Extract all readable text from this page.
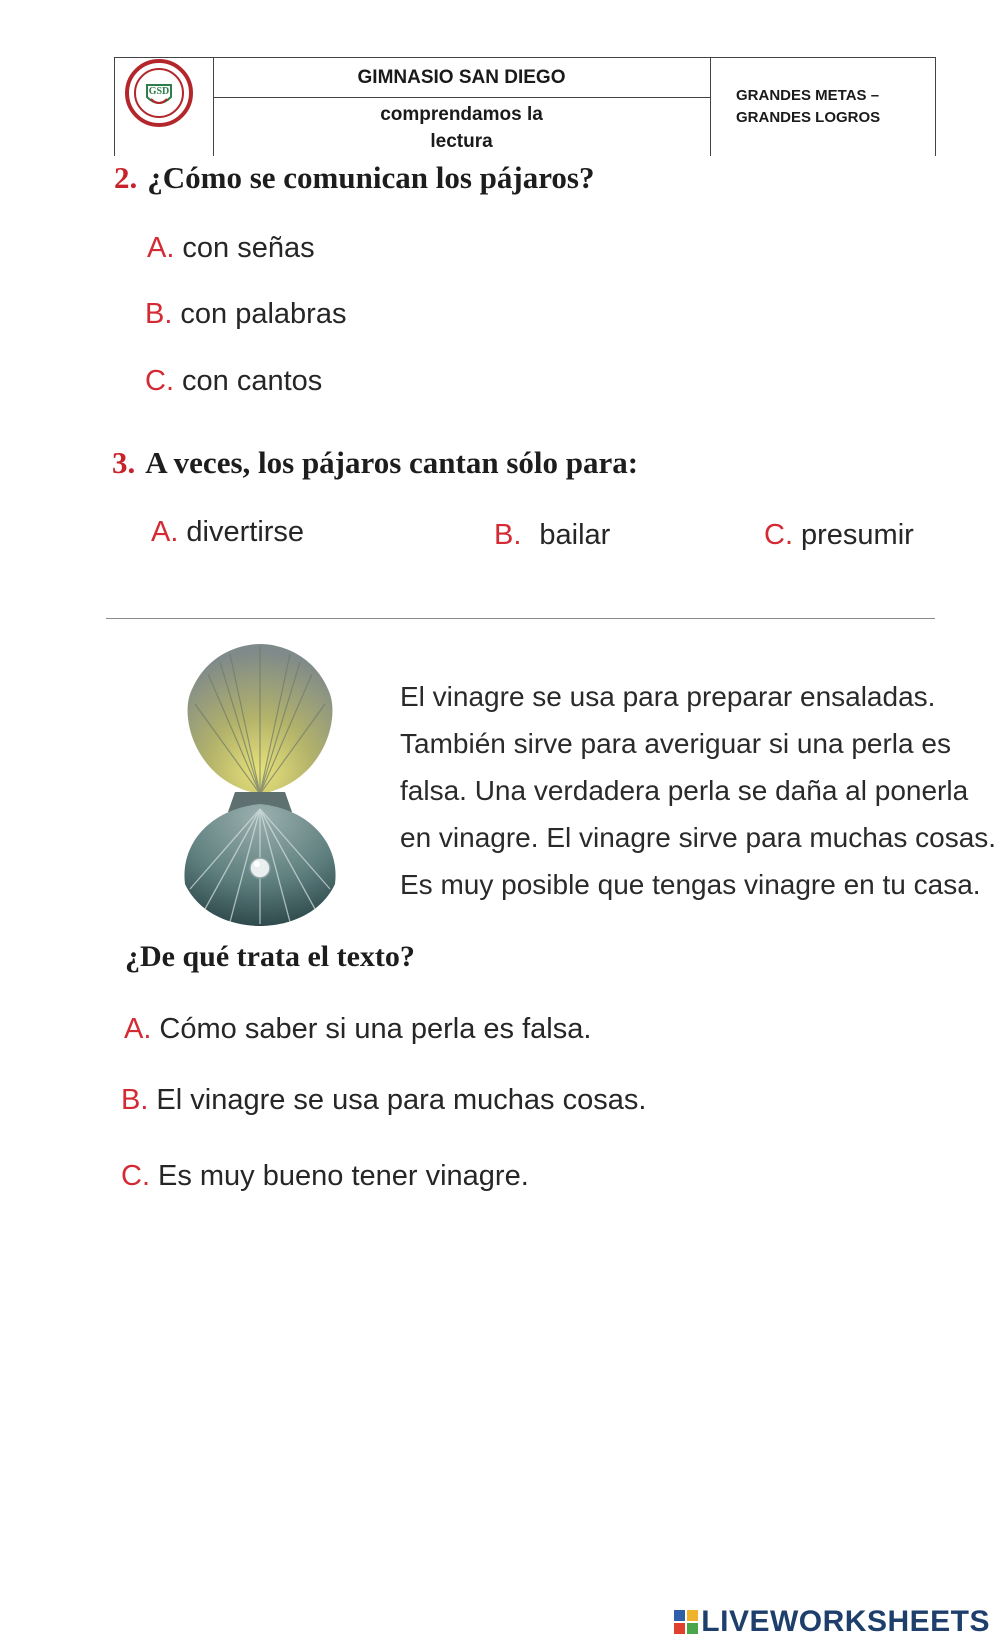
GSD
GIMNASIO SAN DIEGO
comprendamos la
lectura
GRANDES METAS –
GRANDES LOGROS
2. ¿Cómo se comunican los pájaros?
A. con señas
B. con palabras
C. con cantos
3. A veces, los pájaros cantan sólo para:
A. divertirse	B. bailar	C. presumir
El vinagre se usa para preparar ensaladas.
También sirve para averiguar si una perla es
falsa. Una verdadera perla se daña al ponerla
en vinagre. El vinagre sirve para muchas cosas.
Es muy posible que tengas vinagre en tu casa.
¿De qué trata el texto?
A. Cómo saber si una perla es falsa.
B. El vinagre se usa para muchas cosas.
C. Es muy bueno tener vinagre.
LIVEWORKSHEETS
